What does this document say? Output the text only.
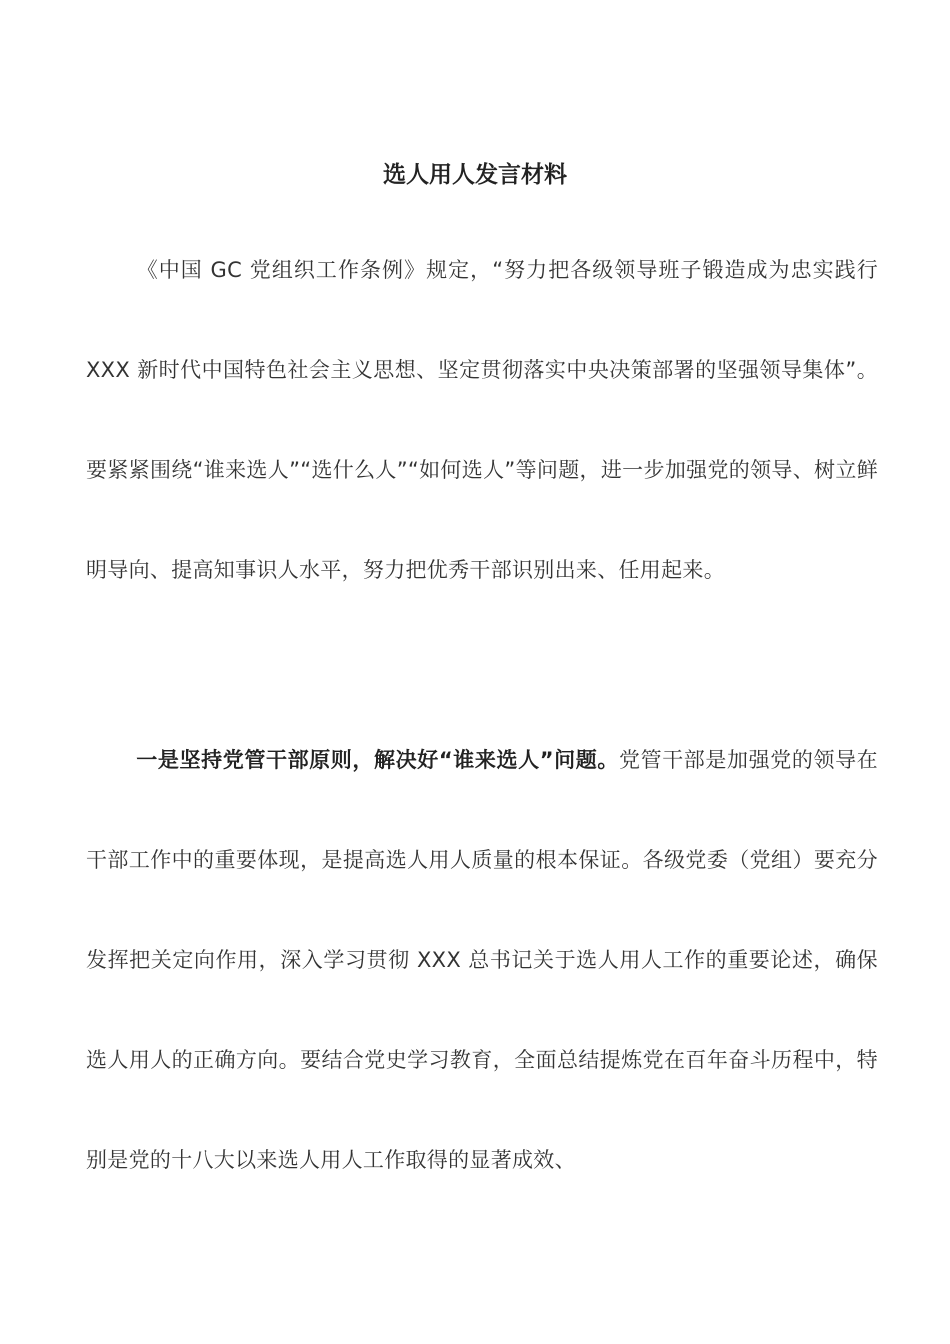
选人用人发言材料

《中国 GC 党组织工作条例》规定，“努力把各级领导班子锻造成为忠实践行 XXX 新时代中国特色社会主义思想、坚定贯彻落实中央决策部署的坚强领导集体”。要紧紧围绕“谁来选人”“选什么人”“如何选人”等问题，进一步加强党的领导、树立鲜明导向、提高知事识人水平，努力把优秀干部识别出来、任用起来。

一是坚持党管干部原则，解决好“谁来选人”问题。党管干部是加强党的领导在干部工作中的重要体现，是提高选人用人质量的根本保证。各级党委（党组）要充分发挥把关定向作用，深入学习贯彻 XXX 总书记关于选人用人工作的重要论述，确保选人用人的正确方向。要结合党史学习教育，全面总结提炼党在百年奋斗历程中，特别是党的十八大以来选人用人工作取得的显著成效、
